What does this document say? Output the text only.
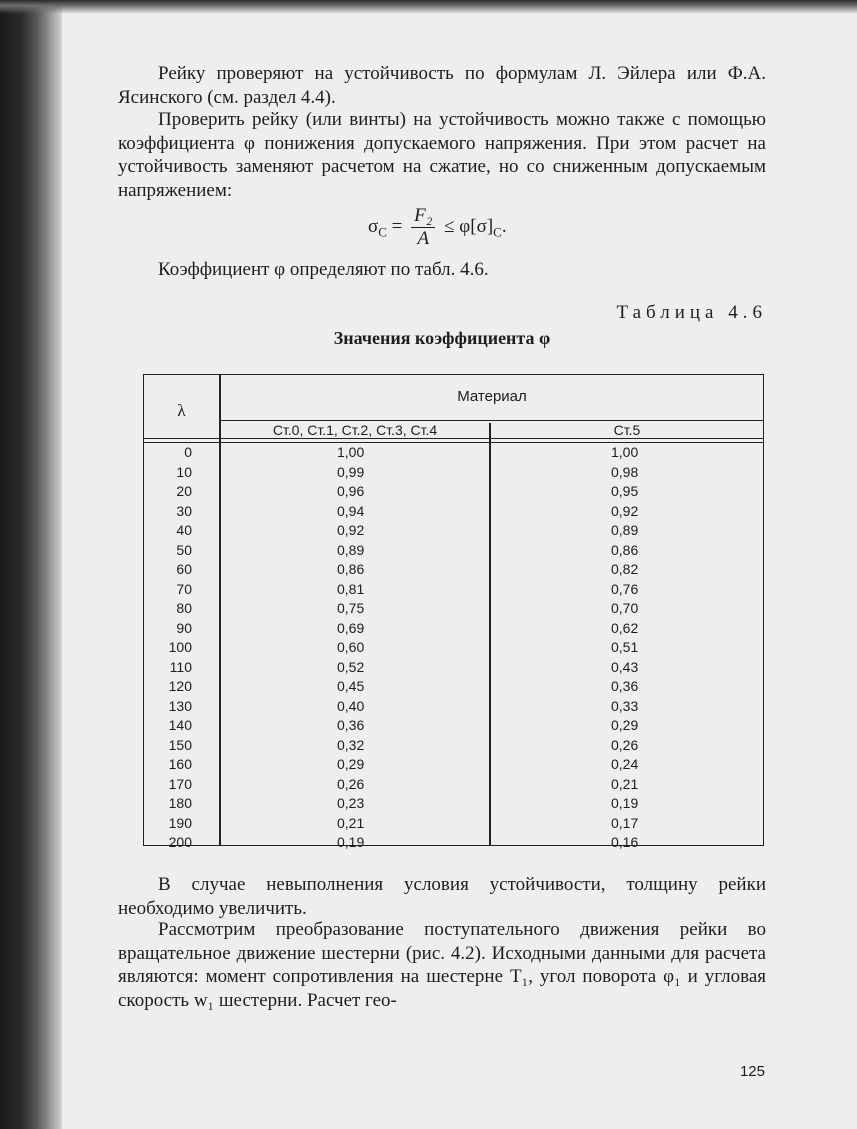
Рейку проверяют на устойчивость по формулам Л. Эйлера или Ф.А. Ясинского (см. раздел 4.4).

Проверить рейку (или винты) на устойчивость можно также с помощью коэффициента φ понижения допускаемого напряжения. При этом расчет на устойчивость заменяют расчетом на сжатие, но со сниженным допускаемым напряжением:

$\sigma_C = \frac{\text{F₂}}{A} \le \varphi[\sigma]_C$.

Коэффициент φ определяют по табл. 4.6.

Таблица 4.6
Значения коэффициента φ
λ
Материал
Ст.0, Ст.1, Ст.2, Ст.3, Ст.4	Ст.5
0	1,00	1,00
10	0,99	0,98
20	0,96	0,95
30	0,94	0,92
40	0,92	0,89
50	0,89	0,86
60	0,86	0,82
70	0,81	0,76
80	0,75	0,70
90	0,69	0,62
100	0,60	0,51
110	0,52	0,43
120	0,45	0,36
130	0,40	0,33
140	0,36	0,29
150	0,32	0,26
160	0,29	0,24
170	0,26	0,21
180	0,23	0,19
190	0,21	0,17
200	0,19	0,16

В случае невыполнения условия устойчивости, толщину рейки необходимо увеличить.

Рассмотрим преобразование поступательного движения рейки во вращательное движение шестерни (рис. 4.2). Исходными данными для расчета являются: момент сопротивления на шестерне T₁, угол поворота φ₁ и угловая скорость w₁ шестерни. Расчет гео-

125
